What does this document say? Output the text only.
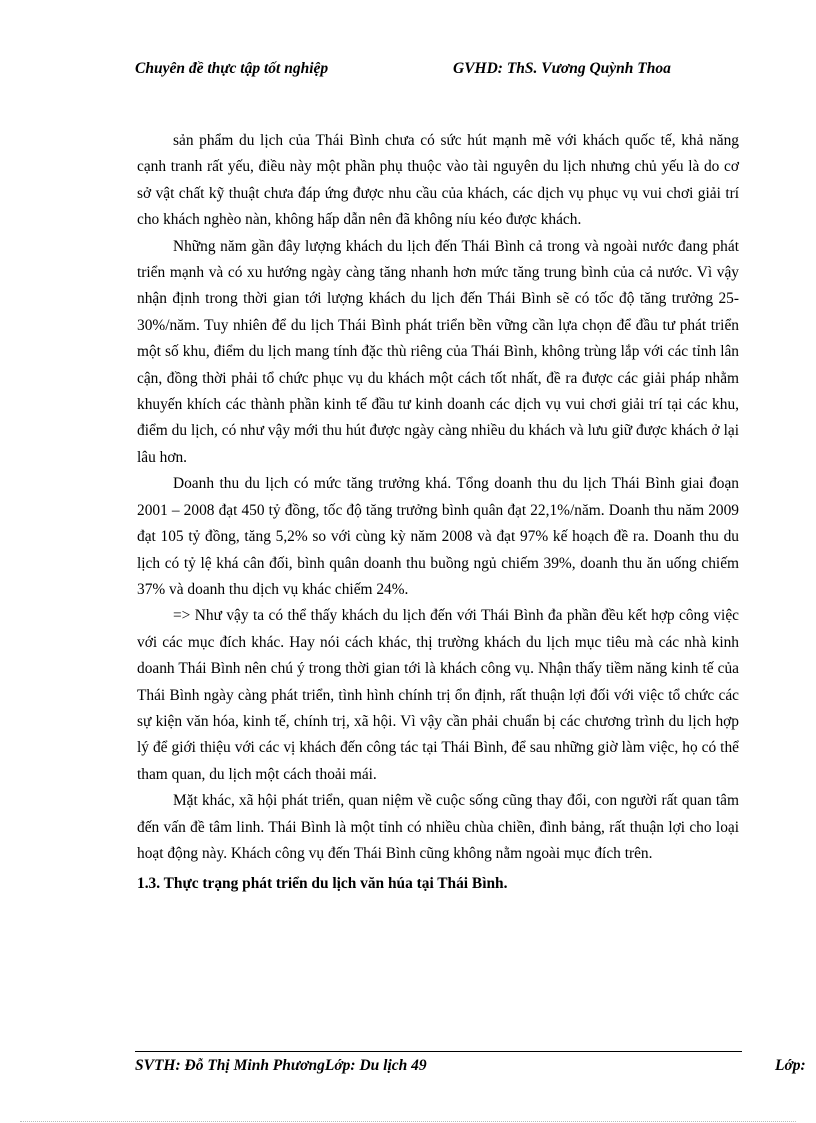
Chuyên đề thực tập tốt nghiệp	GVHD: ThS. Vương Quỳnh Thoa

sản phẩm du lịch của Thái Bình chưa có sức hút mạnh mẽ với khách quốc tế, khả năng cạnh tranh rất yếu, điều này một phần phụ thuộc vào tài nguyên du lịch nhưng chủ yếu là do cơ sở vật chất kỹ thuật chưa đáp ứng được nhu cầu của khách, các dịch vụ phục vụ vui chơi giải trí cho khách nghèo nàn, không hấp dẫn nên đã không níu kéo được khách.

Những năm gần đây lượng khách du lịch đến Thái Bình cả trong và ngoài nước đang phát triển mạnh và có xu hướng ngày càng tăng nhanh hơn mức tăng trung bình của cả nước. Vì vậy nhận định trong thời gian tới lượng khách du lịch đến Thái Bình sẽ có tốc độ tăng trưởng 25-30%/năm. Tuy nhiên để du lịch Thái Bình phát triển bền vững cần lựa chọn để đầu tư phát triển một số khu, điểm du lịch mang tính đặc thù riêng của Thái Bình, không trùng lắp với các tỉnh lân cận, đồng thời phải tổ chức phục vụ du khách một cách tốt nhất, đề ra được các giải pháp nhằm khuyến khích các thành phần kinh tế đầu tư kinh doanh các dịch vụ vui chơi giải trí tại các khu, điểm du lịch, có như vậy mới thu hút được ngày càng nhiều du khách và lưu giữ được khách ở lại lâu hơn.

Doanh thu du lịch có mức tăng trưởng khá. Tổng doanh thu du lịch Thái Bình giai đoạn 2001 – 2008 đạt 450 tỷ đồng, tốc độ tăng trưởng bình quân đạt 22,1%/năm. Doanh thu năm 2009 đạt 105 tỷ đồng, tăng 5,2% so với cùng kỳ năm 2008 và đạt 97% kế hoạch đề ra. Doanh thu du lịch có tỷ lệ khá cân đối, bình quân doanh thu buồng ngủ chiếm 39%, doanh thu ăn uống chiếm 37% và doanh thu dịch vụ khác chiếm 24%.

=> Như vậy ta có thể thấy khách du lịch đến với Thái Bình đa phần đều kết hợp công việc với các mục đích khác. Hay nói cách khác, thị trường khách du lịch mục tiêu mà các nhà kinh doanh Thái Bình nên chú ý trong thời gian tới là khách công vụ. Nhận thấy tiềm năng kinh tế của Thái Bình ngày càng phát triển, tình hình chính trị ổn định, rất thuận lợi đối với việc tổ chức các sự kiện văn hóa, kinh tế, chính trị, xã hội. Vì vậy cần phải chuẩn bị các chương trình du lịch hợp lý để giới thiệu với các vị khách đến công tác tại Thái Bình, để sau những giờ làm việc, họ có thể tham quan, du lịch một cách thoải mái.

Mặt khác, xã hội phát triển, quan niệm về cuộc sống cũng thay đổi, con người rất quan tâm đến vấn đề tâm linh. Thái Bình là một tỉnh có nhiều chùa chiền, đình bảng, rất thuận lợi cho loại hoạt động này. Khách công vụ đến Thái Bình cũng không nằm ngoài mục đích trên.

1.3. Thực trạng phát triển du lịch văn húa tại Thái Bình.
SVTH: Đỗ Thị Minh PhươngLớp: Du lịch 49	Lớp:
